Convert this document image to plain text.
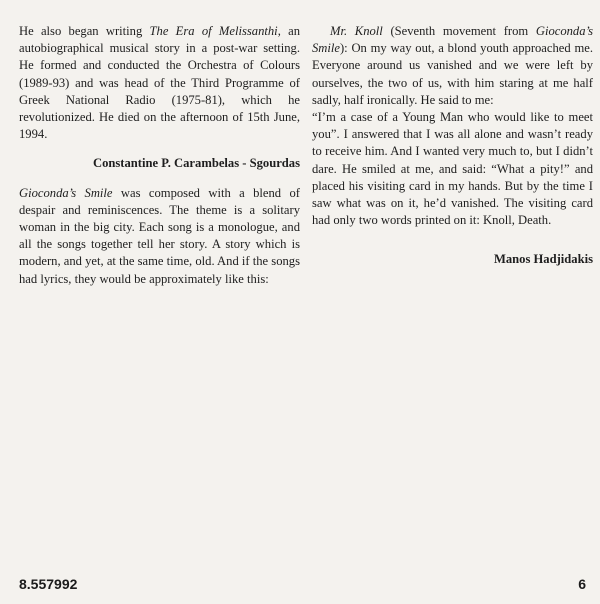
He also began writing The Era of Melissanthi, an autobiographical musical story in a post-war setting. He formed and conducted the Orchestra of Colours (1989-93) and was head of the Third Programme of Greek National Radio (1975-81), which he revolutionized. He died on the afternoon of 15th June, 1994.

Constantine P. Carambelas - Sgourdas

Gioconda’s Smile was composed with a blend of despair and reminiscences. The theme is a solitary woman in the big city. Each song is a monologue, and all the songs together tell her story. A story which is modern, and yet, at the same time, old. And if the songs had lyrics, they would be approximately like this:

Mr. Knoll (Seventh movement from Gioconda’s Smile): On my way out, a blond youth approached me. Everyone around us vanished and we were left by ourselves, the two of us, with him staring at me half sadly, half ironically. He said to me:

“I’m a case of a Young Man who would like to meet you”. I answered that I was all alone and wasn’t ready to receive him. And I wanted very much to, but I didn’t dare. He smiled at me, and said: “What a pity!” and placed his visiting card in my hands. But by the time I saw what was on it, he’d vanished. The visiting card had only two words printed on it: Knoll, Death.

Manos Hadjidakis

8.557992	6
